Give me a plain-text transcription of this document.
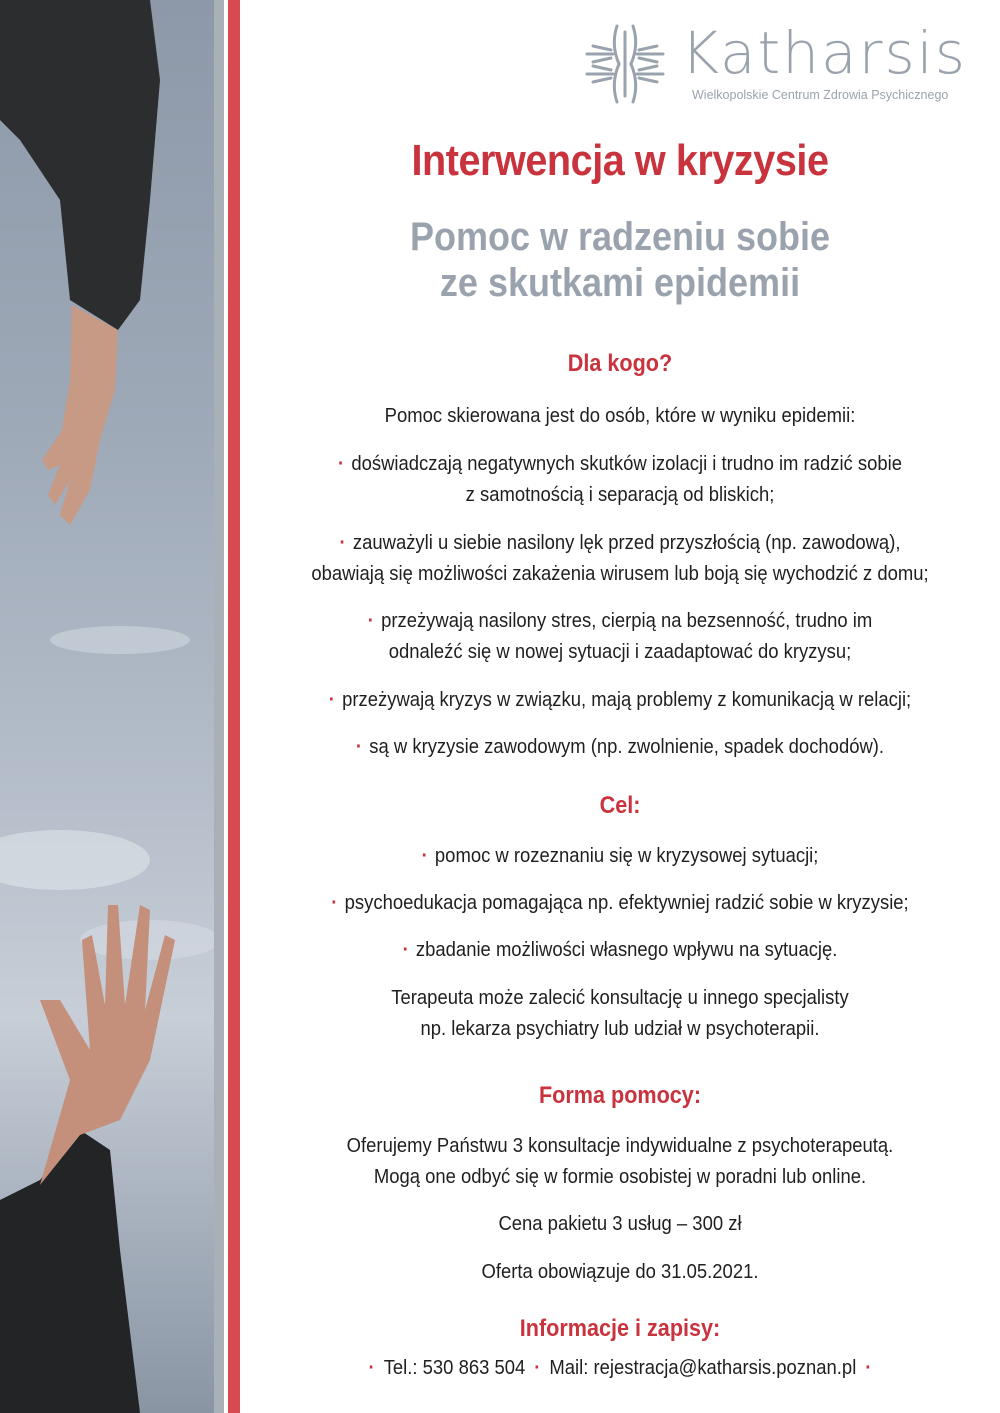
Katharsis
Wielkopolskie Centrum Zdrowia Psychicznego
Interwencja w kryzysie
Pomoc w radzeniu sobie
ze skutkami epidemii
Dla kogo?
Pomoc skierowana jest do osób, które w wyniku epidemii:
· doświadczają negatywnych skutków izolacji i trudno im radzić sobie
z samotnością i separacją od bliskich;
· zauważyli u siebie nasilony lęk przed przyszłością (np. zawodową),
obawiają się możliwości zakażenia wirusem lub boją się wychodzić z domu;
· przeżywają nasilony stres, cierpią na bezsenność, trudno im
odnaleźć się w nowej sytuacji i zaadaptować do kryzysu;
· przeżywają kryzys w związku, mają problemy z komunikacją w relacji;
· są w kryzysie zawodowym (np. zwolnienie, spadek dochodów).
Cel:
· pomoc w rozeznaniu się w kryzysowej sytuacji;
· psychoedukacja pomagająca np. efektywniej radzić sobie w kryzysie;
· zbadanie możliwości własnego wpływu na sytuację.
Terapeuta może zalecić konsultację u innego specjalisty
np. lekarza psychiatry lub udział w psychoterapii.
Forma pomocy:
Oferujemy Państwu 3 konsultacje indywidualne z psychoterapeutą.
Mogą one odbyć się w formie osobistej w poradni lub online.
Cena pakietu 3 usług – 300 zł
Oferta obowiązuje do 31.05.2021.
Informacje i zapisy:
· Tel.: 530 863 504 · Mail: rejestracja@katharsis.poznan.pl ·
